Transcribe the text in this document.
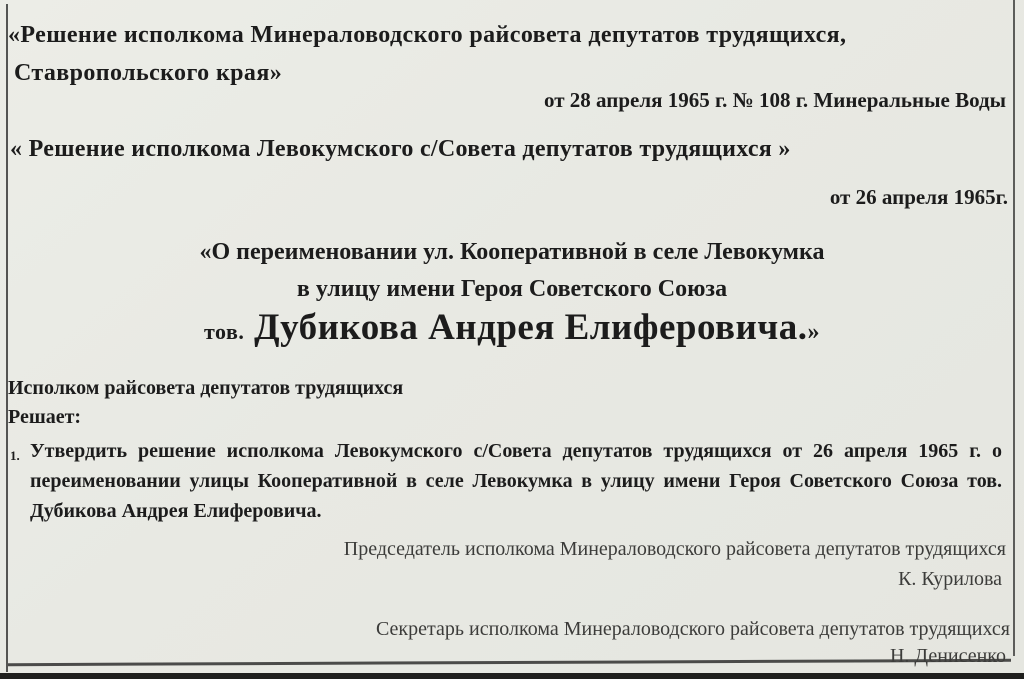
«Решение исполкома Минераловодского райсовета депутатов трудящихся,
Ставропольского края»
от 28 апреля 1965 г. № 108 г. Минеральные Воды
« Решение исполкома Левокумского с/Совета депутатов трудящихся »
от 26 апреля 1965г.
«О переименовании ул. Кооперативной в селе Левокумка
в улицу имени Героя Советского Союза
тов. Дубикова Андрея Елиферовича.»
Исполком райсовета депутатов трудящихся
Решает:
1. Утвердить решение исполкома Левокумского с/Совета депутатов трудящихся от 26 апреля 1965 г. о переименовании улицы Кооперативной в селе Левокумка в улицу имени Героя Советского Союза тов. Дубикова Андрея Елиферовича.
Председатель исполкома Минераловодского райсовета депутатов трудящихся
К. Курилова
Секретарь исполкома Минераловодского райсовета депутатов трудящихся
Н. Денисенко
